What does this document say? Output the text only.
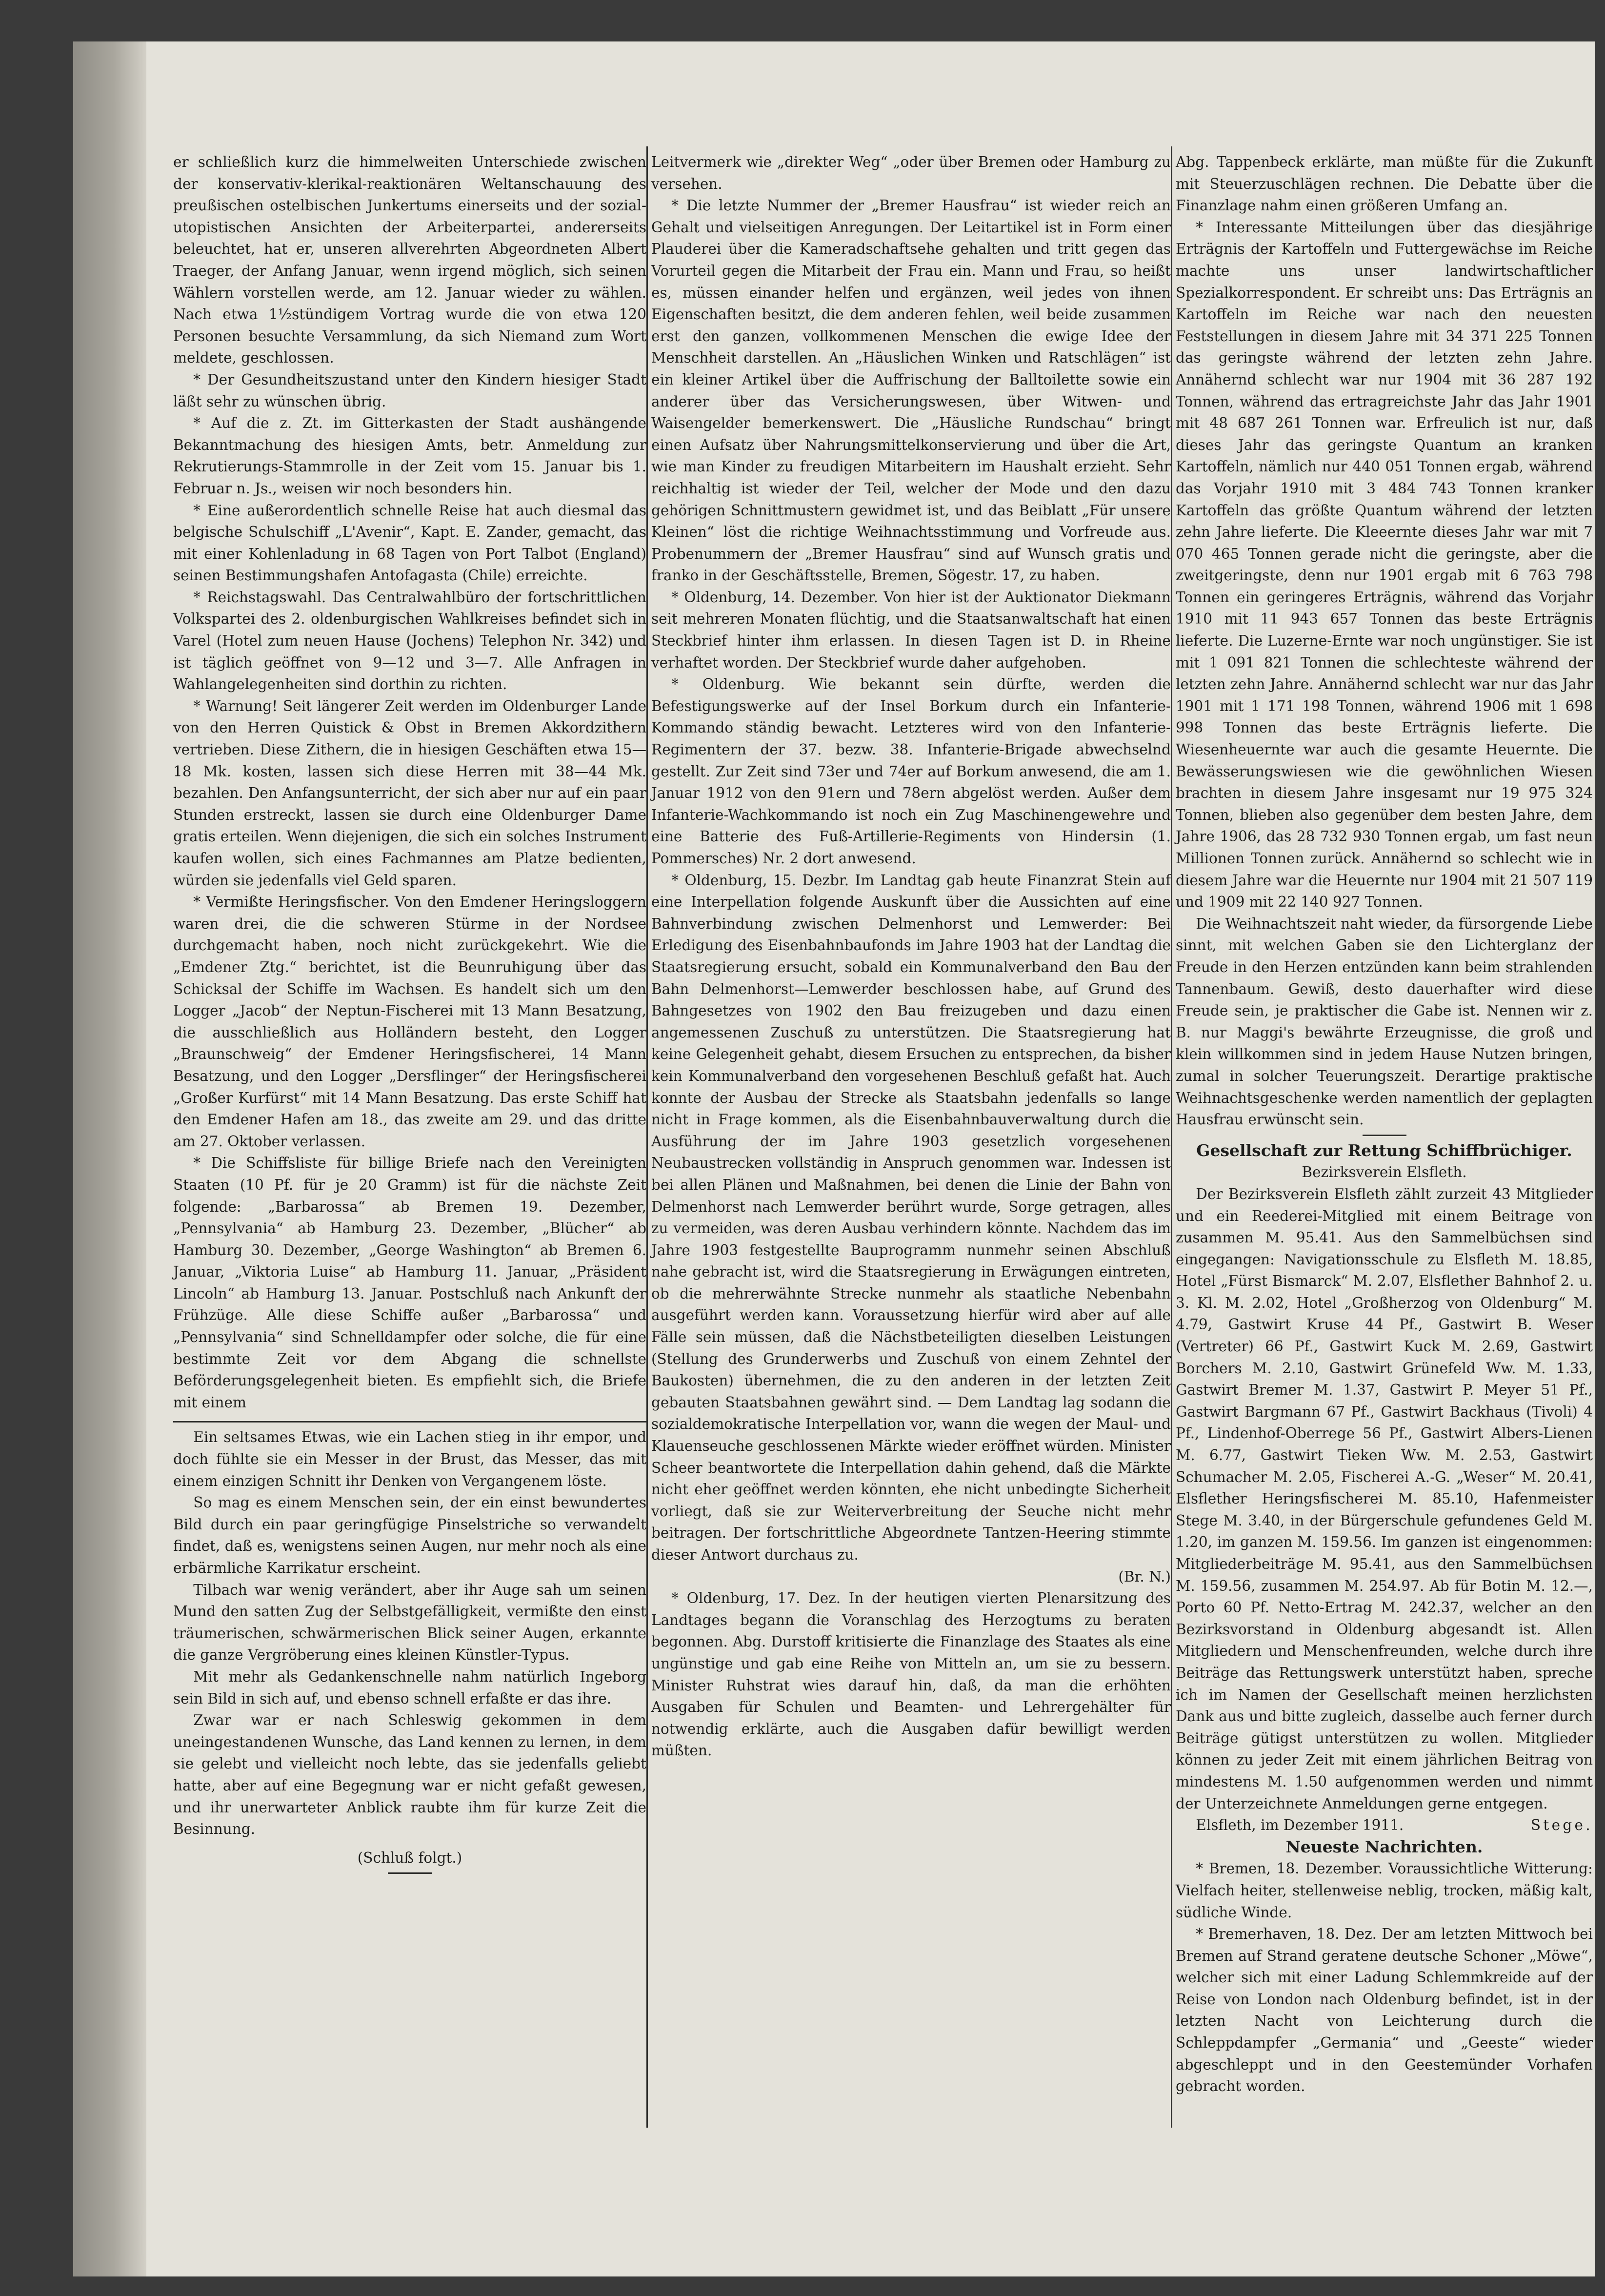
er schließlich kurz die himmelweiten Unterschiede zwischen der konservativ-klerikal-reaktionären Weltanschauung des preußischen ostelbischen Junkertums einerseits und der sozial-utopistischen Ansichten der Arbeiterpartei, andererseits beleuchtet, hat er, unseren allverehrten Abgeordneten Albert Traeger, der Anfang Januar, wenn irgend möglich, sich seinen Wählern vorstellen werde, am 12. Januar wieder zu wählen. Nach etwa 1½stündigem Vortrag wurde die von etwa 120 Personen besuchte Versammlung, da sich Niemand zum Wort meldete, geschlossen.

* Der Gesundheitszustand unter den Kindern hiesiger Stadt läßt sehr zu wünschen übrig.

* Auf die z. Zt. im Gitterkasten der Stadt aushängende Bekanntmachung des hiesigen Amts, betr. Anmeldung zur Rekrutierungs-Stammrolle in der Zeit vom 15. Januar bis 1. Februar n. Js., weisen wir noch besonders hin.

* Eine außerordentlich schnelle Reise hat auch diesmal das belgische Schulschiff „L'Avenir“, Kapt. E. Zander, gemacht, das mit einer Kohlenladung in 68 Tagen von Port Talbot (England) seinen Bestimmungshafen Antofagasta (Chile) erreichte.

* Reichstagswahl. Das Centralwahlbüro der fortschrittlichen Volkspartei des 2. oldenburgischen Wahlkreises befindet sich in Varel (Hotel zum neuen Hause (Jochens) Telephon Nr. 342) und ist täglich geöffnet von 9—12 und 3—7. Alle Anfragen in Wahlangelegenheiten sind dorthin zu richten.

* Warnung! Seit längerer Zeit werden im Oldenburger Lande von den Herren Quistick & Obst in Bremen Akkordzithern vertrieben. Diese Zithern, die in hiesigen Geschäften etwa 15—18 Mk. kosten, lassen sich diese Herren mit 38—44 Mk. bezahlen. Den Anfangsunterricht, der sich aber nur auf ein paar Stunden erstreckt, lassen sie durch eine Oldenburger Dame gratis erteilen. Wenn diejenigen, die sich ein solches Instrument kaufen wollen, sich eines Fachmannes am Platze bedienten, würden sie jedenfalls viel Geld sparen.

* Vermißte Heringsfischer. Von den Emdener Heringsloggern waren drei, die die schweren Stürme in der Nordsee durchgemacht haben, noch nicht zurückgekehrt. Wie die „Emdener Ztg.“ berichtet, ist die Beunruhigung über das Schicksal der Schiffe im Wachsen. Es handelt sich um den Logger „Jacob“ der Neptun-Fischerei mit 13 Mann Besatzung, die ausschließlich aus Holländern besteht, den Logger „Braunschweig“ der Emdener Heringsfischerei, 14 Mann Besatzung, und den Logger „Dersflinger“ der Heringsfischerei „Großer Kurfürst“ mit 14 Mann Besatzung. Das erste Schiff hat den Emdener Hafen am 18., das zweite am 29. und das dritte am 27. Oktober verlassen.

* Die Schiffsliste für billige Briefe nach den Vereinigten Staaten (10 Pf. für je 20 Gramm) ist für die nächste Zeit folgende: „Barbarossa“ ab Bremen 19. Dezember, „Pennsylvania“ ab Hamburg 23. Dezember, „Blücher“ ab Hamburg 30. Dezember, „George Washington“ ab Bremen 6. Januar, „Viktoria Luise“ ab Hamburg 11. Januar, „Präsident Lincoln“ ab Hamburg 13. Januar. Postschluß nach Ankunft der Frühzüge. Alle diese Schiffe außer „Barbarossa“ und „Pennsylvania“ sind Schnelldampfer oder solche, die für eine bestimmte Zeit vor dem Abgang die schnellste Beförderungsgelegenheit bieten. Es empfiehlt sich, die Briefe mit einem

Ein seltsames Etwas, wie ein Lachen stieg in ihr empor, und doch fühlte sie ein Messer in der Brust, das Messer, das mit einem einzigen Schnitt ihr Denken von Vergangenem löste.

So mag es einem Menschen sein, der ein einst bewundertes Bild durch ein paar geringfügige Pinselstriche so verwandelt findet, daß es, wenigstens seinen Augen, nur mehr noch als eine erbärmliche Karrikatur erscheint.

Tilbach war wenig verändert, aber ihr Auge sah um seinen Mund den satten Zug der Selbstgefälligkeit, vermißte den einst träumerischen, schwärmerischen Blick seiner Augen, erkannte die ganze Vergröberung eines kleinen Künstler-Typus.

Mit mehr als Gedankenschnelle nahm natürlich Ingeborg sein Bild in sich auf, und ebenso schnell erfaßte er das ihre.

Zwar war er nach Schleswig gekommen in dem uneingestandenen Wunsche, das Land kennen zu lernen, in dem sie gelebt und vielleicht noch lebte, das sie jedenfalls geliebt hatte, aber auf eine Begegnung war er nicht gefaßt gewesen, und ihr unerwarteter Anblick raubte ihm für kurze Zeit die Besinnung.

(Schluß folgt.)

Leitvermerk wie „direkter Weg“ „oder über Bremen oder Hamburg zu versehen.

* Die letzte Nummer der „Bremer Hausfrau“ ist wieder reich an Gehalt und vielseitigen Anregungen. Der Leitartikel ist in Form einer Plauderei über die Kameradschaftsehe gehalten und tritt gegen das Vorurteil gegen die Mitarbeit der Frau ein. Mann und Frau, so heißt es, müssen einander helfen und ergänzen, weil jedes von ihnen Eigenschaften besitzt, die dem anderen fehlen, weil beide zusammen erst den ganzen, vollkommenen Menschen die ewige Idee der Menschheit darstellen. An „Häuslichen Winken und Ratschlägen“ ist ein kleiner Artikel über die Auffrischung der Balltoilette sowie ein anderer über das Versicherungswesen, über Witwen- und Waisengelder bemerkenswert. Die „Häusliche Rundschau“ bringt einen Aufsatz über Nahrungsmittelkonservierung und über die Art, wie man Kinder zu freudigen Mitarbeitern im Haushalt erzieht. Sehr reichhaltig ist wieder der Teil, welcher der Mode und den dazu gehörigen Schnittmustern gewidmet ist, und das Beiblatt „Für unsere Kleinen“ löst die richtige Weihnachtsstimmung und Vorfreude aus. Probenummern der „Bremer Hausfrau“ sind auf Wunsch gratis und franko in der Geschäftsstelle, Bremen, Sögestr. 17, zu haben.

* Oldenburg, 14. Dezember. Von hier ist der Auktionator Diekmann seit mehreren Monaten flüchtig, und die Staatsanwaltschaft hat einen Steckbrief hinter ihm erlassen. In diesen Tagen ist D. in Rheine verhaftet worden. Der Steckbrief wurde daher aufgehoben.

* Oldenburg. Wie bekannt sein dürfte, werden die Befestigungswerke auf der Insel Borkum durch ein Infanterie-Kommando ständig bewacht. Letzteres wird von den Infanterie-Regimentern der 37. bezw. 38. Infanterie-Brigade abwechselnd gestellt. Zur Zeit sind 73er und 74er auf Borkum anwesend, die am 1. Januar 1912 von den 91ern und 78ern abgelöst werden. Außer dem Infanterie-Wachkommando ist noch ein Zug Maschinengewehre und eine Batterie des Fuß-Artillerie-Regiments von Hindersin (1. Pommersches) Nr. 2 dort anwesend.

* Oldenburg, 15. Dezbr. Im Landtag gab heute Finanzrat Stein auf eine Interpellation folgende Auskunft über die Aussichten auf eine Bahnverbindung zwischen Delmenhorst und Lemwerder: Bei Erledigung des Eisenbahnbaufonds im Jahre 1903 hat der Landtag die Staatsregierung ersucht, sobald ein Kommunalverband den Bau der Bahn Delmenhorst—Lemwerder beschlossen habe, auf Grund des Bahngesetzes von 1902 den Bau freizugeben und dazu einen angemessenen Zuschuß zu unterstützen. Die Staatsregierung hat keine Gelegenheit gehabt, diesem Ersuchen zu entsprechen, da bisher kein Kommunalverband den vorgesehenen Beschluß gefaßt hat. Auch konnte der Ausbau der Strecke als Staatsbahn jedenfalls so lange nicht in Frage kommen, als die Eisenbahnbauverwaltung durch die Ausführung der im Jahre 1903 gesetzlich vorgesehenen Neubaustrecken vollständig in Anspruch genommen war. Indessen ist bei allen Plänen und Maßnahmen, bei denen die Linie der Bahn von Delmenhorst nach Lemwerder berührt wurde, Sorge getragen, alles zu vermeiden, was deren Ausbau verhindern könnte. Nachdem das im Jahre 1903 festgestellte Bauprogramm nunmehr seinen Abschluß nahe gebracht ist, wird die Staatsregierung in Erwägungen eintreten, ob die mehrerwähnte Strecke nunmehr als staatliche Nebenbahn ausgeführt werden kann. Voraussetzung hierfür wird aber auf alle Fälle sein müssen, daß die Nächstbeteiligten dieselben Leistungen (Stellung des Grunderwerbs und Zuschuß von einem Zehntel der Baukosten) übernehmen, die zu den anderen in der letzten Zeit gebauten Staatsbahnen gewährt sind. — Dem Landtag lag sodann die sozialdemokratische Interpellation vor, wann die wegen der Maul- und Klauenseuche geschlossenen Märkte wieder eröffnet würden. Minister Scheer beantwortete die Interpellation dahin gehend, daß die Märkte nicht eher geöffnet werden könnten, ehe nicht unbedingte Sicherheit vorliegt, daß sie zur Weiterverbreitung der Seuche nicht mehr beitragen. Der fortschrittliche Abgeordnete Tantzen-Heering stimmte dieser Antwort durchaus zu.

(Br. N.)

* Oldenburg, 17. Dez. In der heutigen vierten Plenarsitzung des Landtages begann die Voranschlag des Herzogtums zu beraten begonnen. Abg. Durstoff kritisierte die Finanzlage des Staates als eine ungünstige und gab eine Reihe von Mitteln an, um sie zu bessern. Minister Ruhstrat wies darauf hin, daß, da man die erhöhten Ausgaben für Schulen und Beamten- und Lehrergehälter für notwendig erklärte, auch die Ausgaben dafür bewilligt werden müßten.

Abg. Tappenbeck erklärte, man müßte für die Zukunft mit Steuerzuschlägen rechnen. Die Debatte über die Finanzlage nahm einen größeren Umfang an.

* Interessante Mitteilungen über das diesjährige Erträgnis der Kartoffeln und Futtergewächse im Reiche machte uns unser landwirtschaftlicher Spezialkorrespondent. Er schreibt uns: Das Erträgnis an Kartoffeln im Reiche war nach den neuesten Feststellungen in diesem Jahre mit 34 371 225 Tonnen das geringste während der letzten zehn Jahre. Annähernd schlecht war nur 1904 mit 36 287 192 Tonnen, während das ertragreichste Jahr das Jahr 1901 mit 48 687 261 Tonnen war. Erfreulich ist nur, daß dieses Jahr das geringste Quantum an kranken Kartoffeln, nämlich nur 440 051 Tonnen ergab, während das Vorjahr 1910 mit 3 484 743 Tonnen kranker Kartoffeln das größte Quantum während der letzten zehn Jahre lieferte. Die Kleeernte dieses Jahr war mit 7 070 465 Tonnen gerade nicht die geringste, aber die zweitgeringste, denn nur 1901 ergab mit 6 763 798 Tonnen ein geringeres Erträgnis, während das Vorjahr 1910 mit 11 943 657 Tonnen das beste Erträgnis lieferte. Die Luzerne-Ernte war noch ungünstiger. Sie ist mit 1 091 821 Tonnen die schlechteste während der letzten zehn Jahre. Annähernd schlecht war nur das Jahr 1901 mit 1 171 198 Tonnen, während 1906 mit 1 698 998 Tonnen das beste Erträgnis lieferte. Die Wiesenheuernte war auch die gesamte Heuernte. Die Bewässerungswiesen wie die gewöhnlichen Wiesen brachten in diesem Jahre insgesamt nur 19 975 324 Tonnen, blieben also gegenüber dem besten Jahre, dem Jahre 1906, das 28 732 930 Tonnen ergab, um fast neun Millionen Tonnen zurück. Annähernd so schlecht wie in diesem Jahre war die Heuernte nur 1904 mit 21 507 119 und 1909 mit 22 140 927 Tonnen.

Die Weihnachtszeit naht wieder, da fürsorgende Liebe sinnt, mit welchen Gaben sie den Lichterglanz der Freude in den Herzen entzünden kann beim strahlenden Tannenbaum. Gewiß, desto dauerhafter wird diese Freude sein, je praktischer die Gabe ist. Nennen wir z. B. nur Maggi's bewährte Erzeugnisse, die groß und klein willkommen sind in jedem Hause Nutzen bringen, zumal in solcher Teuerungszeit. Derartige praktische Weihnachtsgeschenke werden namentlich der geplagten Hausfrau erwünscht sein.

Gesellschaft zur Rettung Schiffbrüchiger.

Bezirksverein Elsfleth.

Der Bezirksverein Elsfleth zählt zurzeit 43 Mitglieder und ein Reederei-Mitglied mit einem Beitrage von zusammen M. 95.41. Aus den Sammelbüchsen sind eingegangen: Navigationsschule zu Elsfleth M. 18.85, Hotel „Fürst Bismarck“ M. 2.07, Elsflether Bahnhof 2. u. 3. Kl. M. 2.02, Hotel „Großherzog von Oldenburg“ M. 4.79, Gastwirt Kruse 44 Pf., Gastwirt B. Weser (Vertreter) 66 Pf., Gastwirt Kuck M. 2.69, Gastwirt Borchers M. 2.10, Gastwirt Grünefeld Ww. M. 1.33, Gastwirt Bremer M. 1.37, Gastwirt P. Meyer 51 Pf., Gastwirt Bargmann 67 Pf., Gastwirt Backhaus (Tivoli) 4 Pf., Lindenhof-Oberrege 56 Pf., Gastwirt Albers-Lienen M. 6.77, Gastwirt Tieken Ww. M. 2.53, Gastwirt Schumacher M. 2.05, Fischerei A.-G. „Weser“ M. 20.41, Elsflether Heringsfischerei M. 85.10, Hafenmeister Stege M. 3.40, in der Bürgerschule gefundenes Geld M. 1.20, im ganzen M. 159.56. Im ganzen ist eingenommen: Mitgliederbeiträge M. 95.41, aus den Sammelbüchsen M. 159.56, zusammen M. 254.97. Ab für Botin M. 12.—, Porto 60 Pf. Netto-Ertrag M. 242.37, welcher an den Bezirksvorstand in Oldenburg abgesandt ist. Allen Mitgliedern und Menschenfreunden, welche durch ihre Beiträge das Rettungswerk unterstützt haben, spreche ich im Namen der Gesellschaft meinen herzlichsten Dank aus und bitte zugleich, dasselbe auch ferner durch Beiträge gütigst unterstützen zu wollen. Mitglieder können zu jeder Zeit mit einem jährlichen Beitrag von mindestens M. 1.50 aufgenommen werden und nimmt der Unterzeichnete Anmeldungen gerne entgegen.

Elsfleth, im Dezember 1911.	Stege.

Neueste Nachrichten.

* Bremen, 18. Dezember. Voraussichtliche Witterung: Vielfach heiter, stellenweise neblig, trocken, mäßig kalt, südliche Winde.

* Bremerhaven, 18. Dez. Der am letzten Mittwoch bei Bremen auf Strand geratene deutsche Schoner „Möwe“, welcher sich mit einer Ladung Schlemmkreide auf der Reise von London nach Oldenburg befindet, ist in der letzten Nacht von Leichterung durch die Schleppdampfer „Germania“ und „Geeste“ wieder abgeschleppt und in den Geestemünder Vorhafen gebracht worden.
